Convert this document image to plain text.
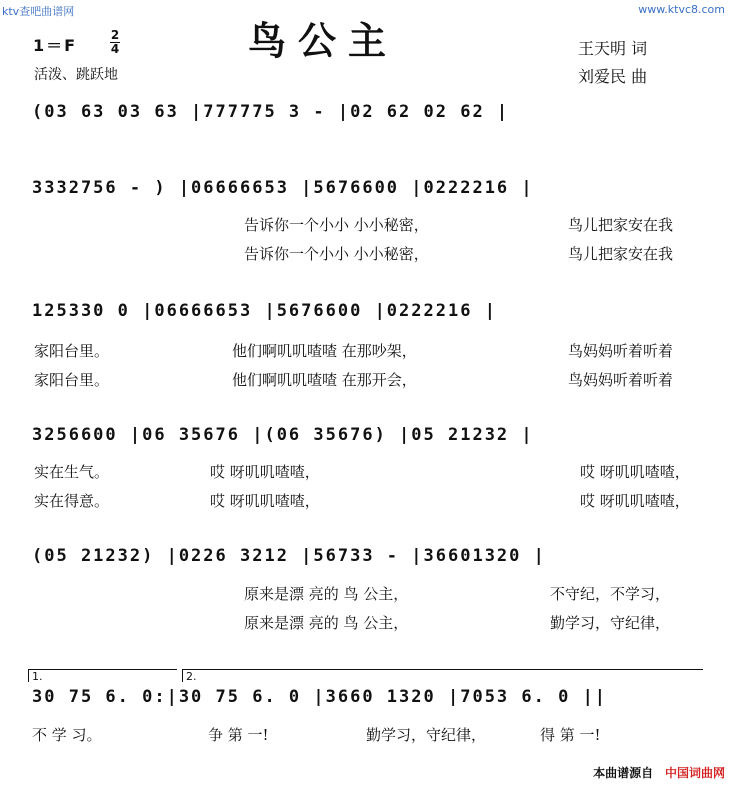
ktv查吧曲谱网	www.ktvc8.com
鸟公主
1＝F
2
4
活泼、跳跃地
王天明 词
刘爱民 曲
(03 63 03 63 |777775 3 - |02 62 02 62 |
3332756 - ) |06666653 |5676600 |0222216 |
告诉你一个小小 小小秘密，	鸟儿把家安在我
告诉你一个小小 小小秘密，	鸟儿把家安在我
125330 0 |06666653 |5676600 |0222216 |
家阳台里。	他们啊叽叽喳喳 在那吵架，	鸟妈妈听着听着
家阳台里。	他们啊叽叽喳喳 在那开会，	鸟妈妈听着听着
3256600 |06 35676 |(06 35676) |05 21232 |
实在生气。	哎 呀叽叽喳喳，	哎 呀叽叽喳喳，
实在得意。	哎 呀叽叽喳喳，	哎 呀叽叽喳喳，
(05 21232) |0226 3212 |56733 - |36601320 |
原来是漂 亮的 鸟 公主，	不守纪，不学习，
原来是漂 亮的 鸟 公主，	勤学习，守纪律，
1.	2.
30 75 6. 0:|30 75 6. 0 |3660 1320 |7053 6. 0 ||
不 学 习。	争 第 一!	勤学习，守纪律，	得 第 一!
本曲谱源自 中国词曲网
